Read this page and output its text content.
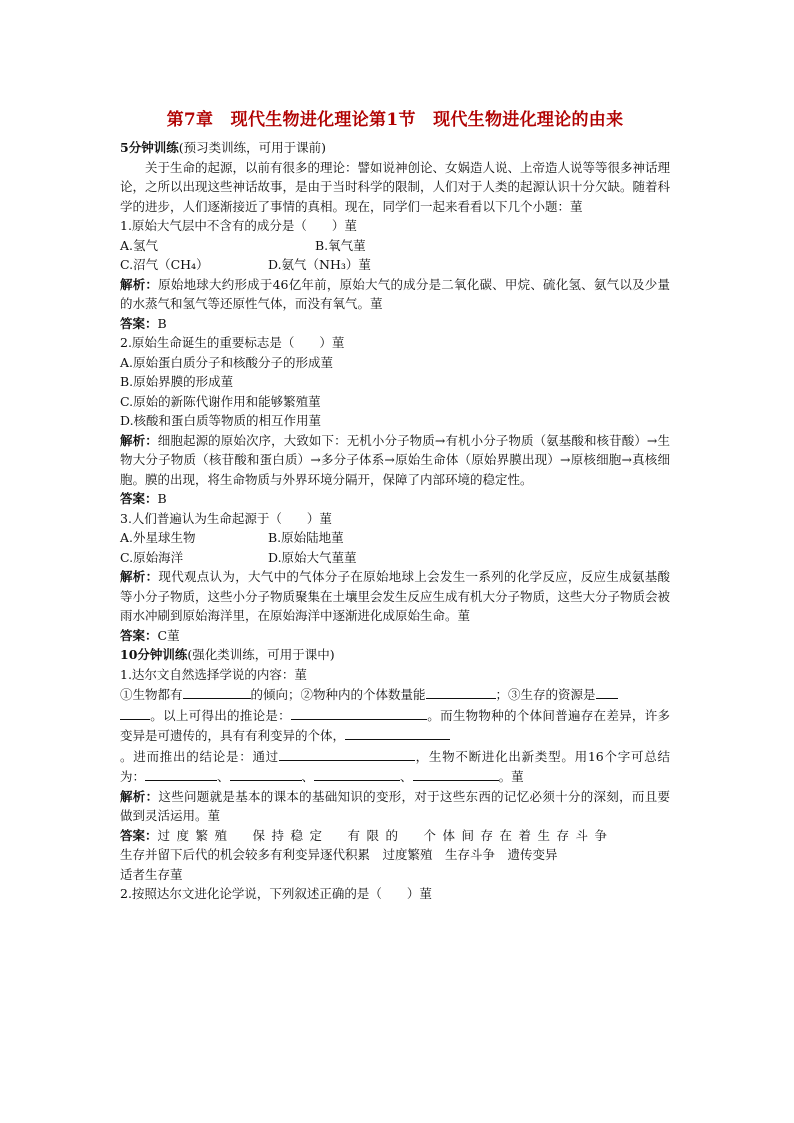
第7章　现代生物进化理论第1节　现代生物进化理论的由来

5分钟训练(预习类训练，可用于课前)

关于生命的起源，以前有很多的理论：譬如说神创论、女娲造人说、上帝造人说等等很多神话理论，之所以出现这些神话故事，是由于当时科学的限制，人们对于人类的起源认识十分欠缺。随着科学的进步，人们逐渐接近了事情的真相。现在，同学们一起来看看以下几个小题：菫

1.原始大气层中不含有的成分是（　　）菫

A.氢气	B.氧气菫
C.沼气（CH₄）	D.氨气（NH₃）菫

解析：原始地球大约形成于46亿年前，原始大气的成分是二氧化碳、甲烷、硫化氢、氨气以及少量的水蒸气和氢气等还原性气体，而没有氧气。菫

答案：B

2.原始生命诞生的重要标志是（　　）菫

A.原始蛋白质分子和核酸分子的形成菫

B.原始界膜的形成菫

C.原始的新陈代谢作用和能够繁殖菫

D.核酸和蛋白质等物质的相互作用菫

解析：细胞起源的原始次序，大致如下：无机小分子物质→有机小分子物质（氨基酸和核苷酸）→生物大分子物质（核苷酸和蛋白质）→多分子体系→原始生命体（原始界膜出现）→原核细胞→真核细胞。膜的出现，将生命物质与外界环境分隔开，保障了内部环境的稳定性。

答案：B

3.人们普遍认为生命起源于（　　）菫

A.外星球生物	B.原始陆地菫
C.原始海洋	D.原始大气菫菫

解析：现代观点认为，大气中的气体分子在原始地球上会发生一系列的化学反应，反应生成氨基酸等小分子物质，这些小分子物质聚集在土壤里会发生反应生成有机大分子物质，这些大分子物质会被雨水冲刷到原始海洋里，在原始海洋中逐渐进化成原始生命。菫

答案：C菫

10分钟训练(强化类训练，可用于课中)

1.达尔文自然选择学说的内容：菫

①生物都有	的倾向；②物种内的个体数量能	；③生存的资源是
。以上可得出的推论是：	。而生物物种的个体间普遍存在差异，许多变异是可遗传的，具有有利变异的个体，
。进而推出的结论是：通过	，生物不断进化出新类型。用16个字可总结为：	、	、	、	。菫

解析：这些问题就是基本的课本的基础知识的变形，对于这些东西的记忆必须十分的深刻，而且要做到灵活运用。菫

答案：过度繁殖　保持稳定　有限的　个体间存在着生存斗争
生存并留下后代的机会较多有利变异逐代积累　过度繁殖　生存斗争　遗传变异
适者生存菫

2.按照达尔文进化论学说，下列叙述正确的是（　　）菫
